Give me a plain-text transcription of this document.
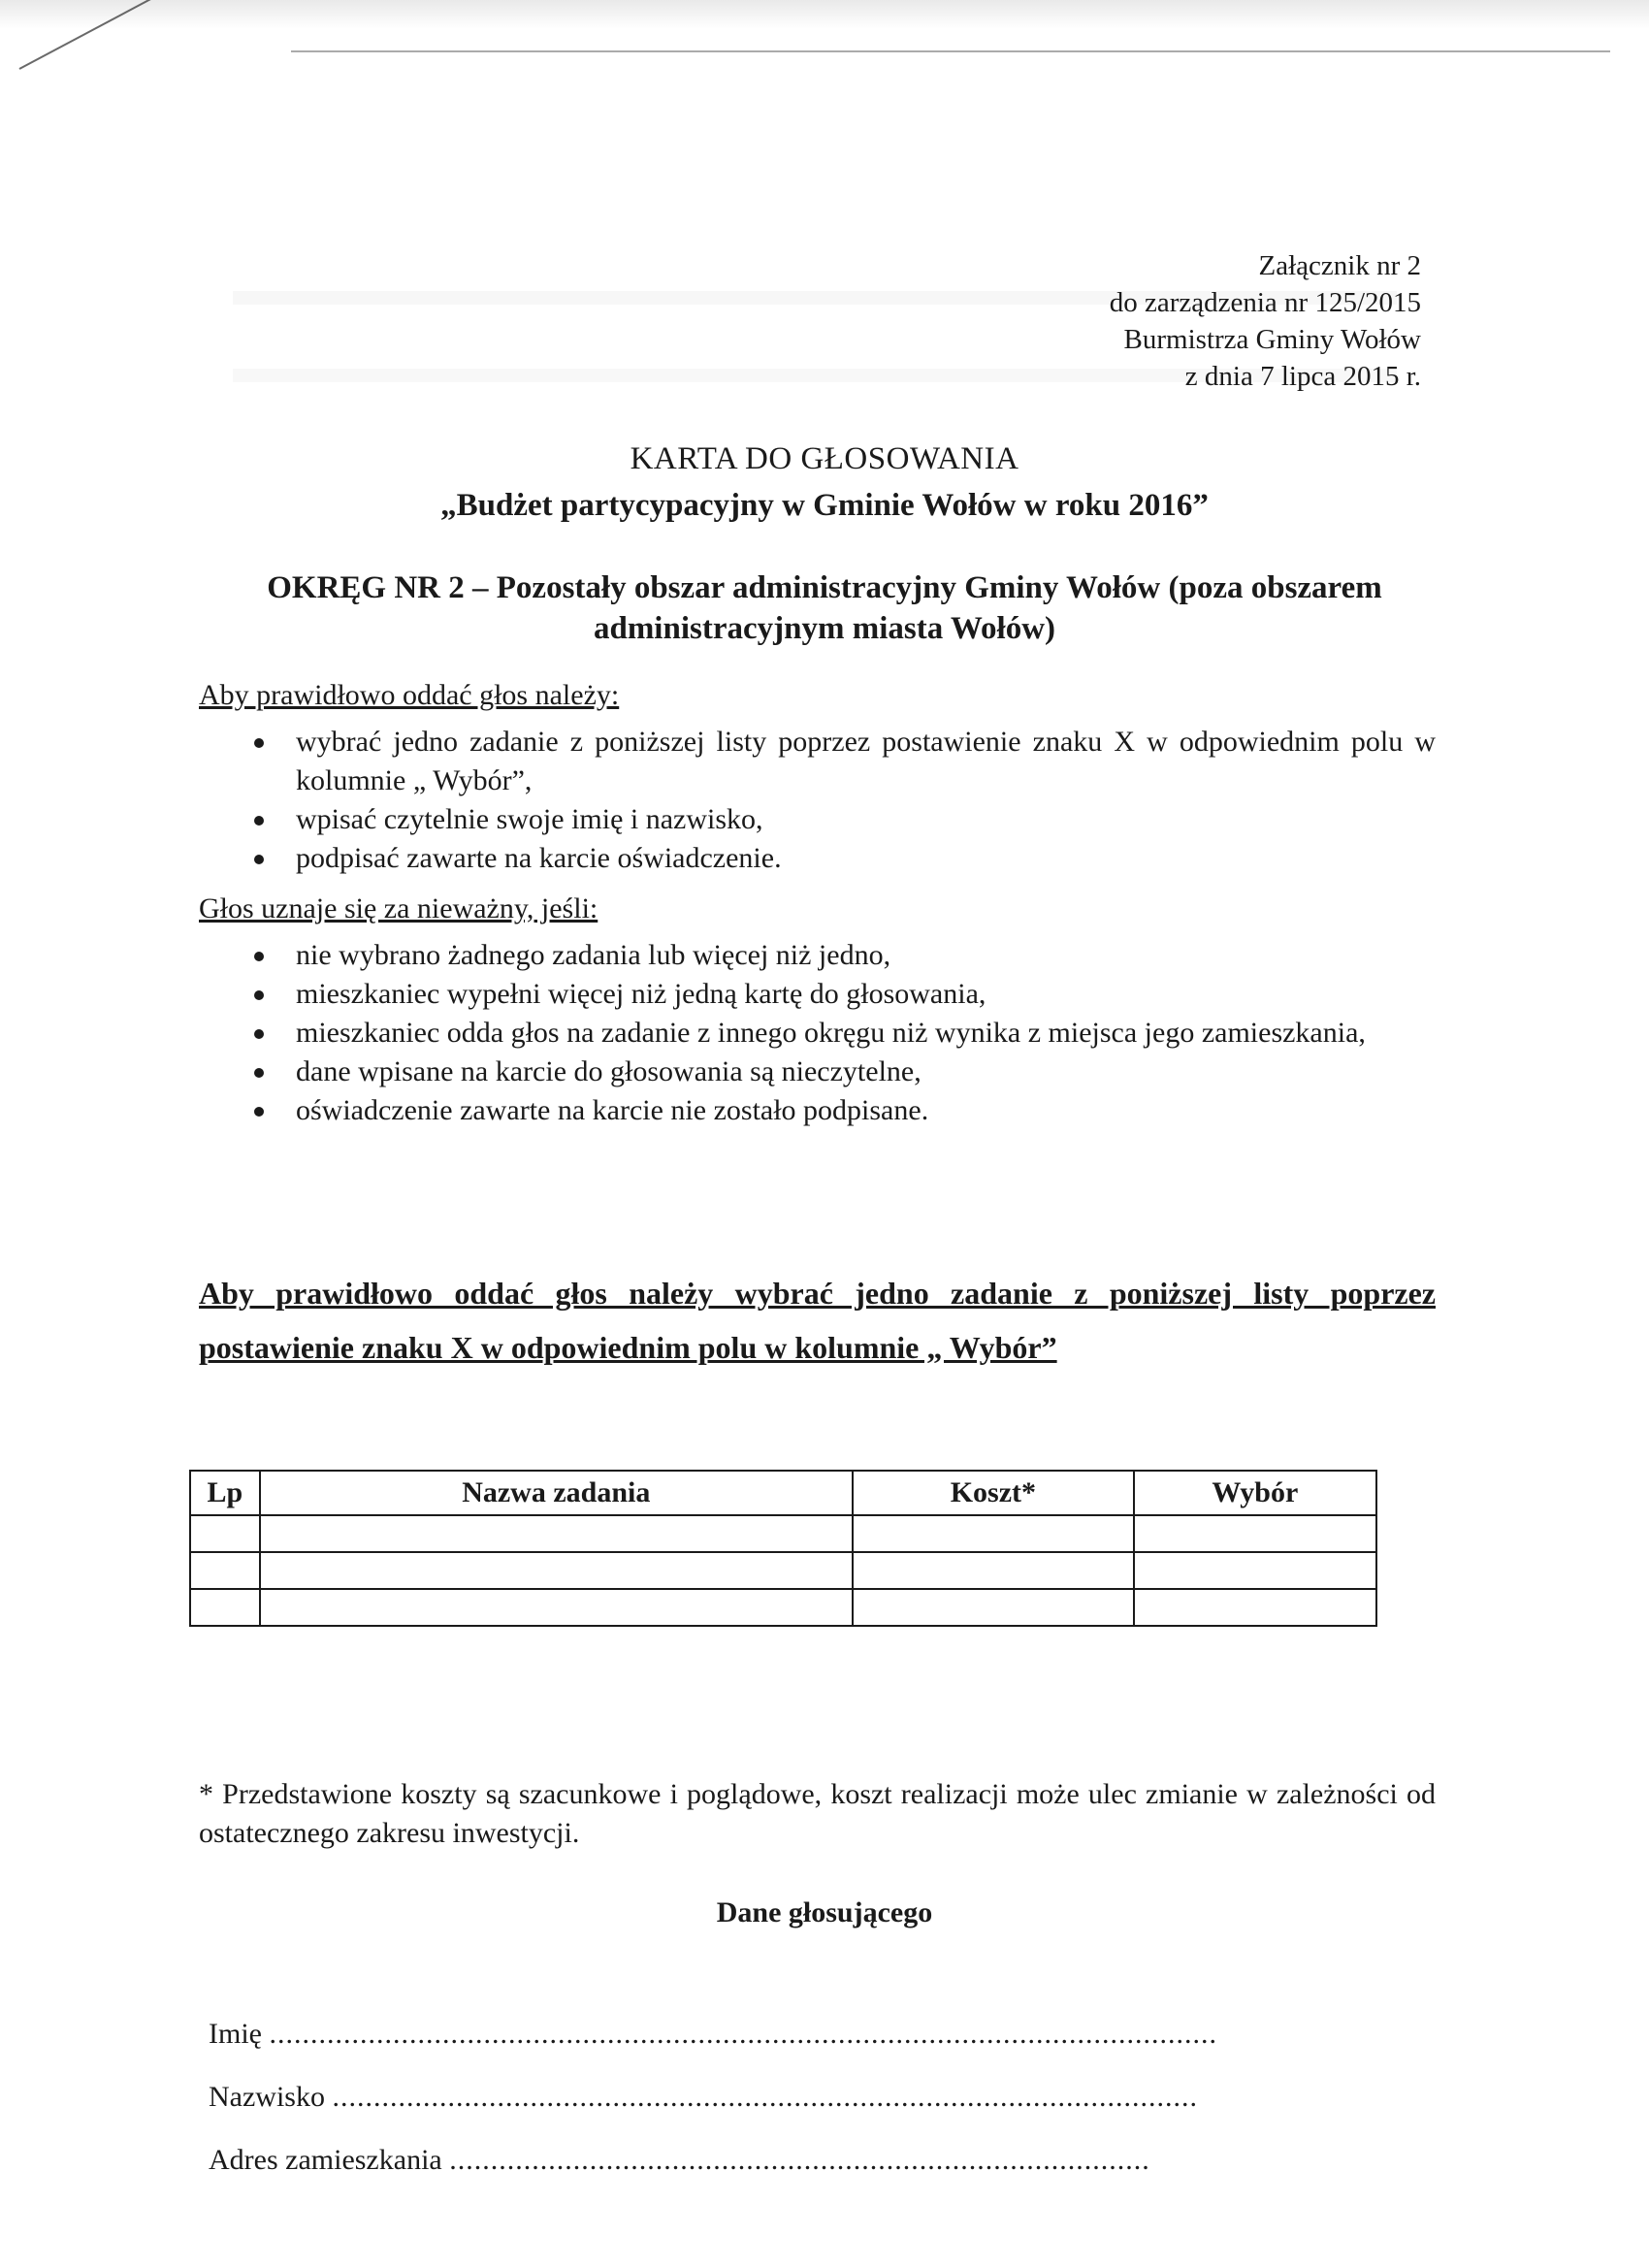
Załącznik nr 2
do zarządzenia nr 125/2015
Burmistrza Gminy Wołów
z dnia 7 lipca 2015 r.
KARTA DO GŁOSOWANIA
„Budżet partycypacyjny w Gminie Wołów w roku 2016”
OKRĘG NR 2 – Pozostały obszar administracyjny Gminy Wołów (poza obszarem
administracyjnym miasta Wołów)
Aby prawidłowo oddać głos należy:
wybrać jedno zadanie z poniższej listy poprzez postawienie znaku X w odpowiednim polu w kolumnie „ Wybór”,
wpisać czytelnie swoje imię i nazwisko,
podpisać zawarte na karcie oświadczenie.
Głos uznaje się za nieważny, jeśli:
nie wybrano żadnego zadania lub więcej niż jedno,
mieszkaniec wypełni więcej niż jedną kartę do głosowania,
mieszkaniec odda głos na zadanie z innego okręgu niż wynika z miejsca jego zamieszkania,
dane wpisane na karcie do głosowania są nieczytelne,
oświadczenie zawarte na karcie nie zostało podpisane.
Aby prawidłowo oddać głos należy wybrać jedno zadanie z poniższej listy poprzez postawienie znaku X w odpowiednim polu w kolumnie „ Wybór”
Lp	Nazwa zadania	Koszt*	Wybór

* Przedstawione koszty są szacunkowe i poglądowe, koszt realizacji może ulec zmianie w zależności od ostatecznego zakresu inwestycji.
Dane głosującego
Imię ...................................................................................................................
Nazwisko .........................................................................................................
Adres zamieszkania .....................................................................................
